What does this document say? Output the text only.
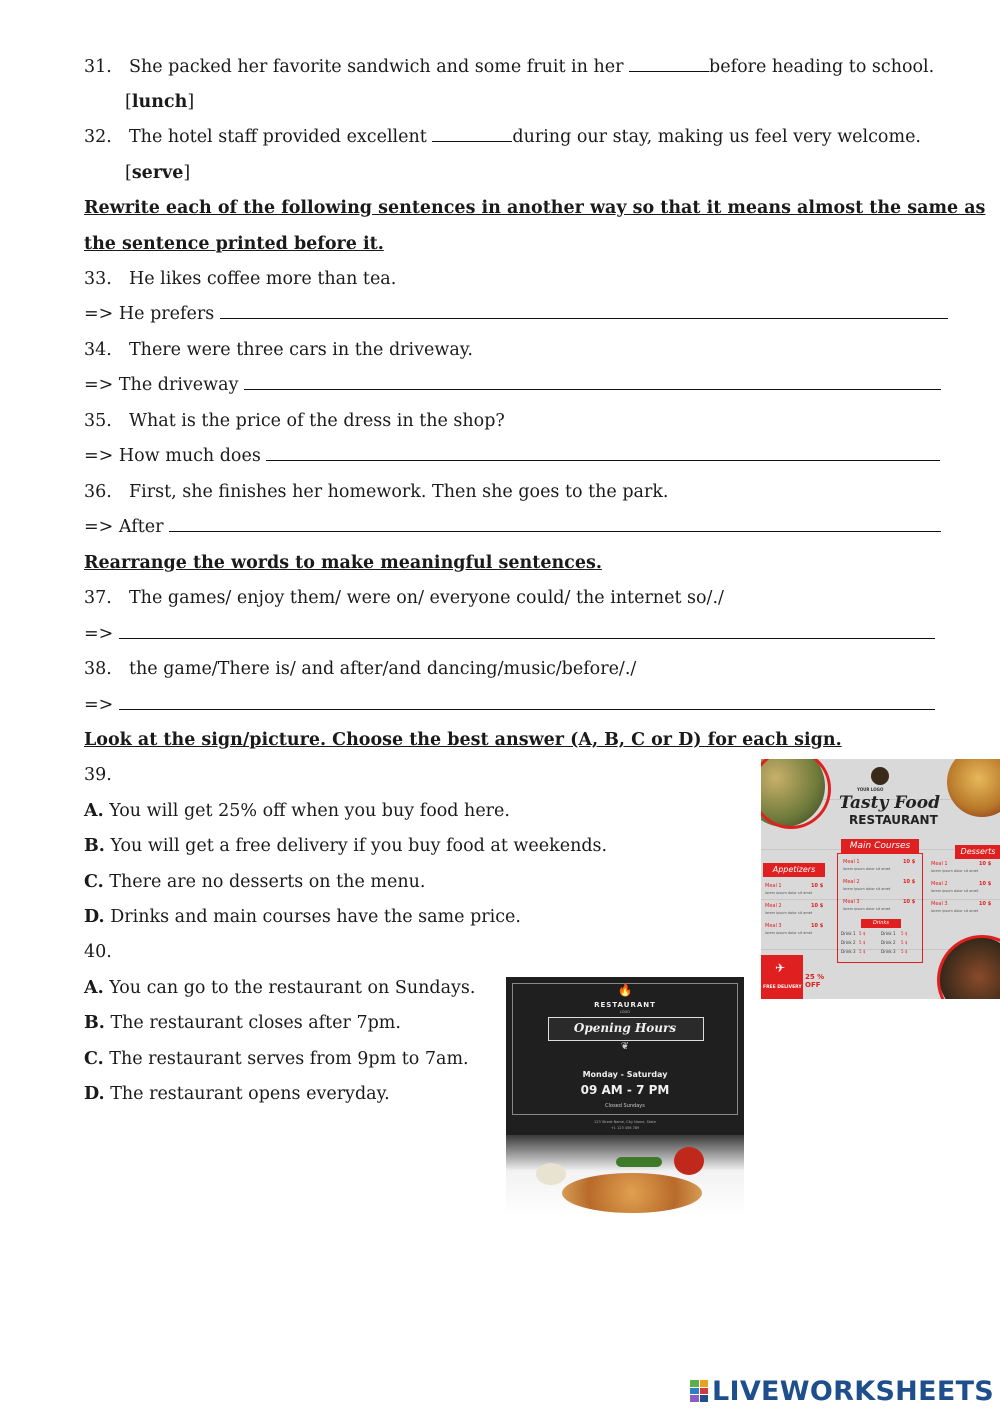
31. She packed her favorite sandwich and some fruit in her	before heading to school.
[lunch]
32. The hotel staff provided excellent	during our stay, making us feel very welcome.
[serve]
Rewrite each of the following sentences in another way so that it means almost the same as
the sentence printed before it.
33. He likes coffee more than tea.
=> He prefers
34. There were three cars in the driveway.
=> The driveway
35. What is the price of the dress in the shop?
=> How much does
36. First, she finishes her homework. Then she goes to the park.
=> After
Rearrange the words to make meaningful sentences.
37. The games/ enjoy them/ were on/ everyone could/ the internet so/./
=>
38. the game/There is/ and after/and dancing/music/before/./
=>
Look at the sign/picture. Choose the best answer (A, B, C or D) for each sign.
39.
A. You will get 25% off when you buy food here.
B. You will get a free delivery if you buy food at weekends.
C. There are no desserts on the menu.
D. Drinks and main courses have the same price.
40.
A. You can go to the restaurant on Sundays.
B. The restaurant closes after 7pm.
C. The restaurant serves from 9pm to 7am.
D. The restaurant opens everyday.
YOUR LOGO
Tasty Food
RESTAURANT
Main Courses
Appetizers
Desserts
Meal 1	10 $
lorem ipsum dolor sit amet
Meal 2	10 $
lorem ipsum dolor sit amet
Meal 3	10 $
lorem ipsum dolor sit amet
Drinks
Drink 1 5 $	Drink 1 5 $
Drink 2 5 $	Drink 2 5 $
Drink 3 5 $	Drink 3 5 $
Meal 1	10 $
lorem ipsum dolor sit amet
Meal 2	10 $
lorem ipsum dolor sit amet
Meal 3	10 $
lorem ipsum dolor sit amet
Meal 1	10 $
lorem ipsum dolor sit amet
Meal 2	10 $
lorem ipsum dolor sit amet
Meal 3	10 $
lorem ipsum dolor sit amet
✈
FREE DELIVERY
25 % OFF
🔥
RESTAURANT
LOGO
Opening Hours
❦
Monday - Saturday
09 AM - 7 PM
Closed Sundays
123 Street Name, City Name, State
+1 123 456 789
LIVEWORKSHEETS
